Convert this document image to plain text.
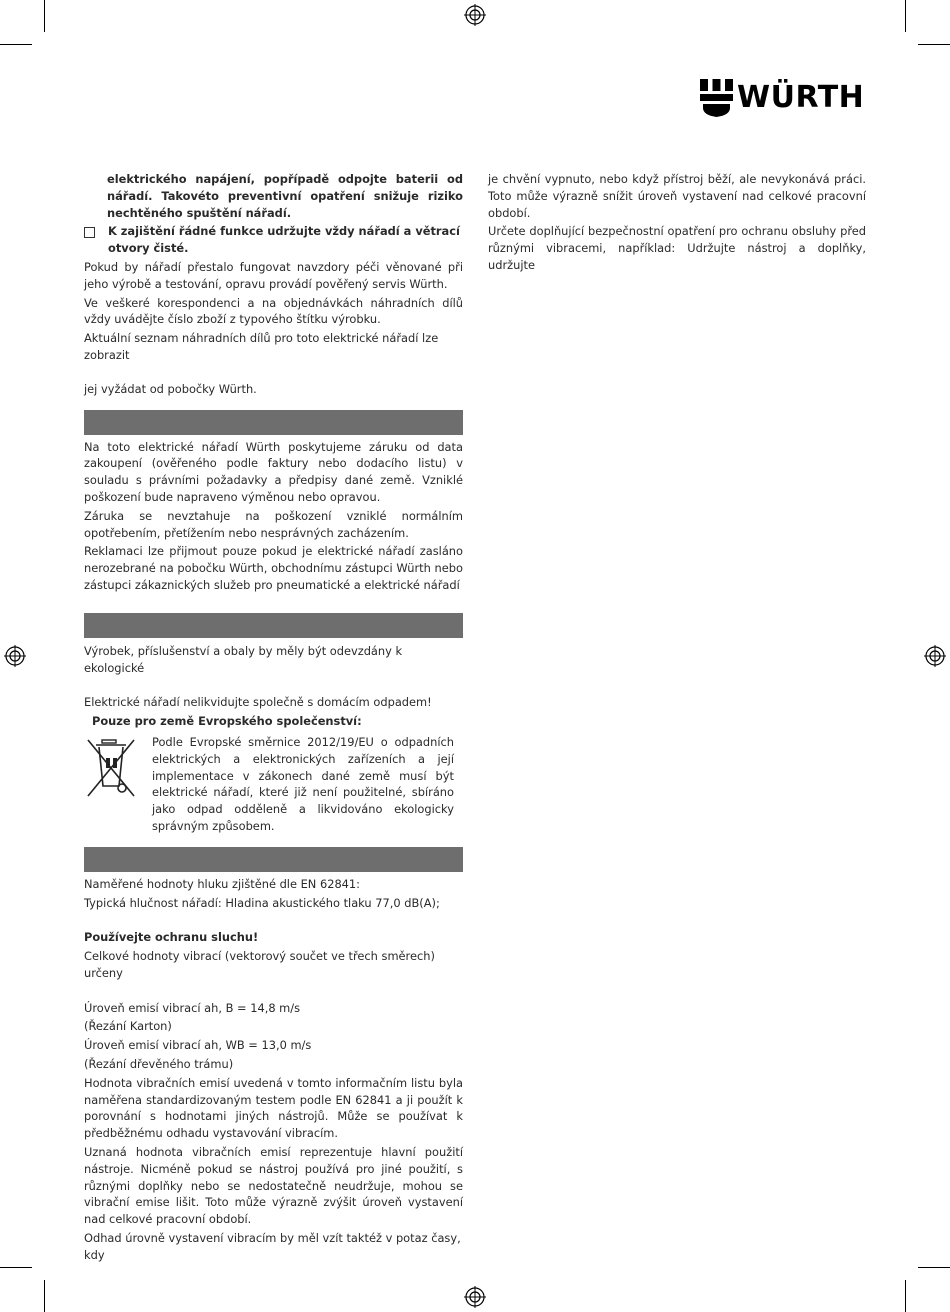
WÜRTH

elektrického napájení, popřípadě odpojte baterii od nářadí. Takovéto preventivní opatření snižuje riziko nechtěného spuštění nářadí.

K zajištění řádné funkce udržujte vždy nářadí a větrací otvory čisté.

Pokud by nářadí přestalo fungovat navzdory péči věnované při jeho výrobě a testování, opravu provádí pověřený servis Würth.

Ve veškeré korespondenci a na objednávkách náhradních dílů vždy uvádějte číslo zboží z typového štítku výrobku.

Aktuální seznam náhradních dílů pro toto elektrické nářadí lze zobrazit

jej vyžádat od pobočky Würth.

Na toto elektrické nářadí Würth poskytujeme záruku od data zakoupení (ověřeného podle faktury nebo dodacího listu) v souladu s právními požadavky a předpisy dané země. Vzniklé poškození bude napraveno výměnou nebo opravou.

Záruka se nevztahuje na poškození vzniklé normálním opotřebením, přetížením nebo nesprávných zacházením.

Reklamaci lze přijmout pouze pokud je elektrické nářadí zasláno nerozebrané na pobočku Würth, obchodnímu zástupci Würth nebo zástupci zákaznických služeb pro pneumatické a elektrické nářadí

Výrobek, příslušenství a obaly by měly být odevzdány k ekologické

Elektrické nářadí nelikvidujte společně s domácím odpadem!

Pouze pro země Evropského společenství:

Podle Evropské směrnice 2012/19/EU o odpadních elektrických a elektronických zařízeních a její implementace v zákonech dané země musí být elektrické nářadí, které již není použitelné, sbíráno jako odpad odděleně a likvidováno ekologicky správným způsobem.

Naměřené hodnoty hluku zjištěné dle EN 62841:

Typická hlučnost nářadí: Hladina akustického tlaku 77,0 dB(A);

Používejte ochranu sluchu!

Celkové hodnoty vibrací (vektorový součet ve třech směrech) určeny

Úroveň emisí vibrací ah, B = 14,8 m/s

(Řezání Karton)

Úroveň emisí vibrací ah, WB = 13,0 m/s

(Řezání dřevěného trámu)

Hodnota vibračních emisí uvedená v tomto informačním listu byla naměřena standardizovaným testem podle EN 62841 a ji použít k porovnání s hodnotami jiných nástrojů. Může se používat k předběžnému odhadu vystavování vibracím.

Uznaná hodnota vibračních emisí reprezentuje hlavní použití nástroje. Nicméně pokud se nástroj používá pro jiné použití, s různými doplňky nebo se nedostatečně neudržuje, mohou se vibrační emise lišit. Toto může výrazně zvýšit úroveň vystavení nad celkové pracovní období.

Odhad úrovně vystavení vibracím by měl vzít taktéž v potaz časy, kdy

je chvění vypnuto, nebo když přístroj běží, ale nevykonává práci. Toto může výrazně snížit úroveň vystavení nad celkové pracovní období.

Určete doplňující bezpečnostní opatření pro ochranu obsluhy před různými vibracemi, například: Udržujte nástroj a doplňky, udržujte
